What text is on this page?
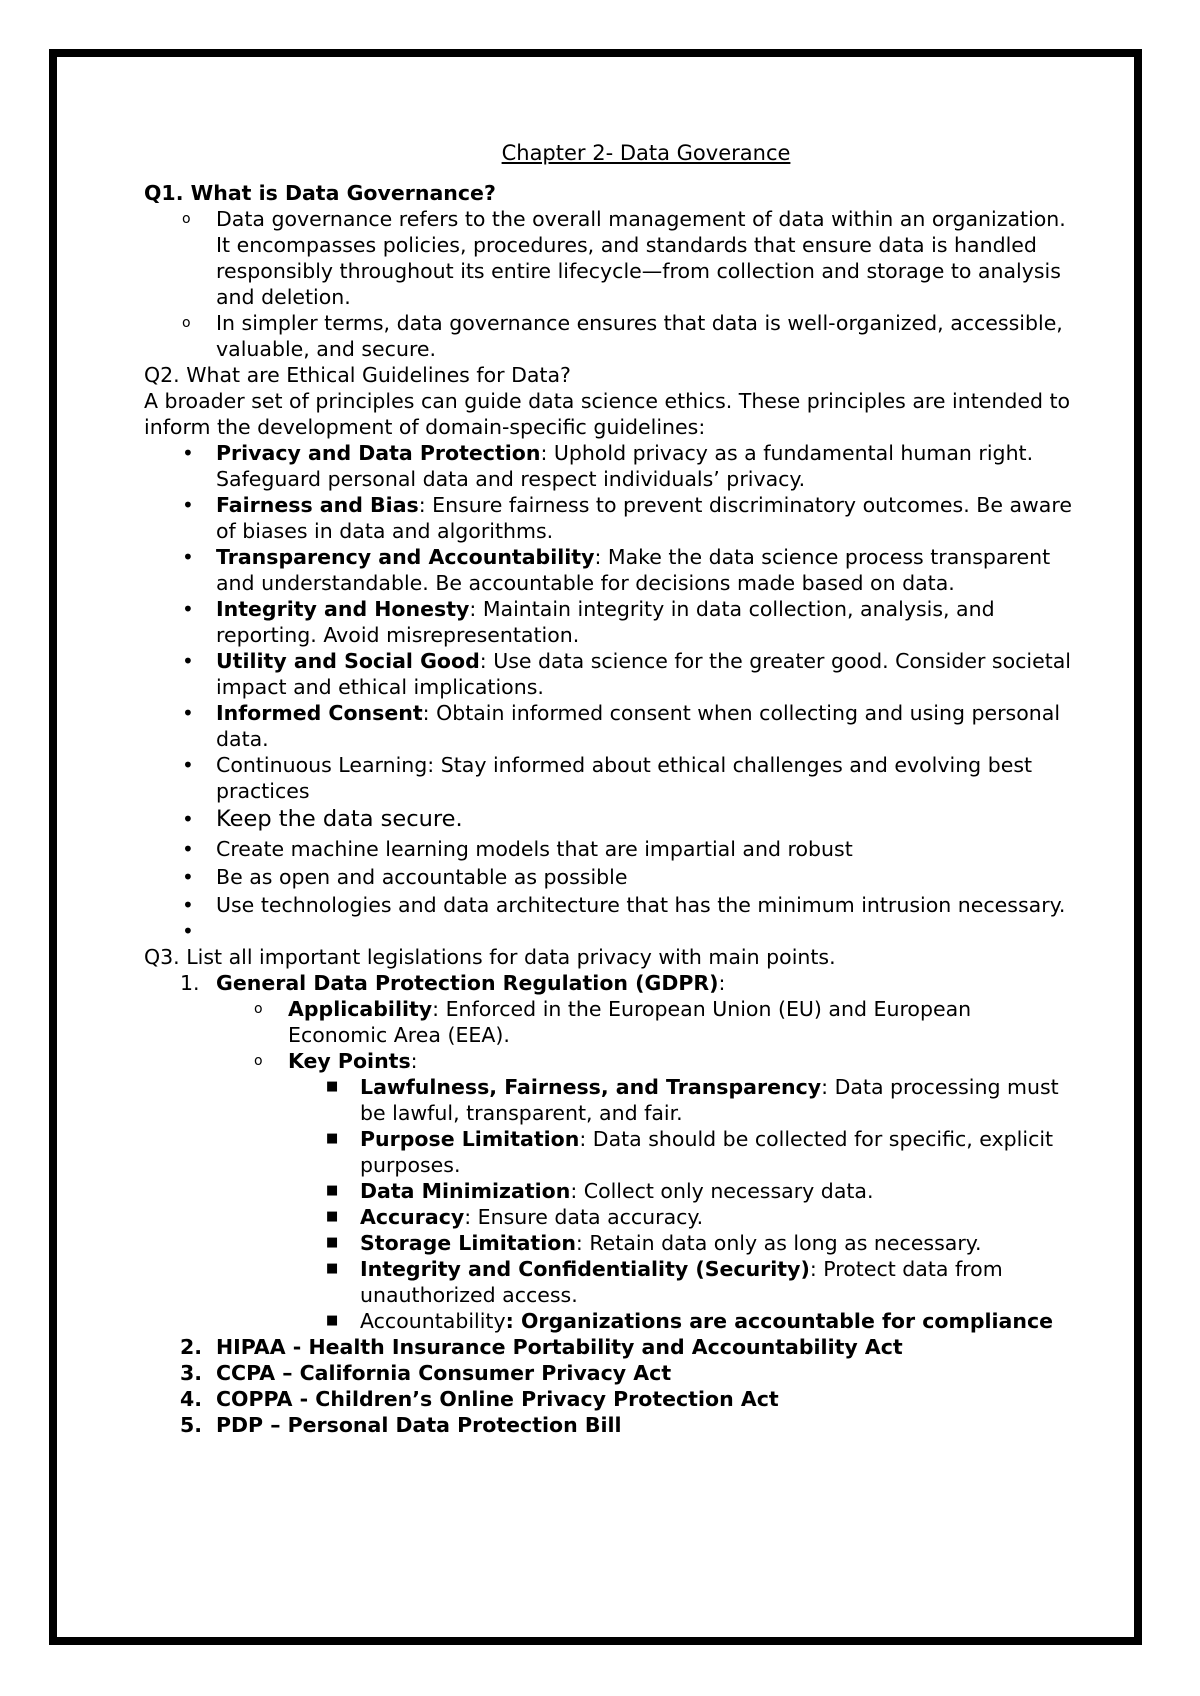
Chapter 2- Data Goverance
Q1. What is Data Governance?
o Data governance refers to the overall management of data within an organization. It encompasses policies, procedures, and standards that ensure data is handled responsibly throughout its entire lifecycle—from collection and storage to analysis and deletion.
o In simpler terms, data governance ensures that data is well-organized, accessible, valuable, and secure.
Q2. What are Ethical Guidelines for Data?
A broader set of principles can guide data science ethics. These principles are intended to inform the development of domain-specific guidelines:
• Privacy and Data Protection: Uphold privacy as a fundamental human right. Safeguard personal data and respect individuals’ privacy.
• Fairness and Bias: Ensure fairness to prevent discriminatory outcomes. Be aware of biases in data and algorithms.
• Transparency and Accountability: Make the data science process transparent and understandable. Be accountable for decisions made based on data.
• Integrity and Honesty: Maintain integrity in data collection, analysis, and reporting. Avoid misrepresentation.
• Utility and Social Good: Use data science for the greater good. Consider societal impact and ethical implications.
• Informed Consent: Obtain informed consent when collecting and using personal data.
• Continuous Learning: Stay informed about ethical challenges and evolving best practices
• Keep the data secure.
• Create machine learning models that are impartial and robust
• Be as open and accountable as possible
• Use technologies and data architecture that has the minimum intrusion necessary.
•

Q3. List all important legislations for data privacy with main points.
1. General Data Protection Regulation (GDPR):
o Applicability: Enforced in the European Union (EU) and European Economic Area (EEA).
o Key Points:
■ Lawfulness, Fairness, and Transparency: Data processing must be lawful, transparent, and fair.
■ Purpose Limitation: Data should be collected for specific, explicit purposes.
■ Data Minimization: Collect only necessary data.
■ Accuracy: Ensure data accuracy.
■ Storage Limitation: Retain data only as long as necessary.
■ Integrity and Confidentiality (Security): Protect data from unauthorized access.
■ Accountability: Organizations are accountable for compliance
2. HIPAA - Health Insurance Portability and Accountability Act
3. CCPA – California Consumer Privacy Act
4. COPPA - Children’s Online Privacy Protection Act
5. PDP – Personal Data Protection Bill
